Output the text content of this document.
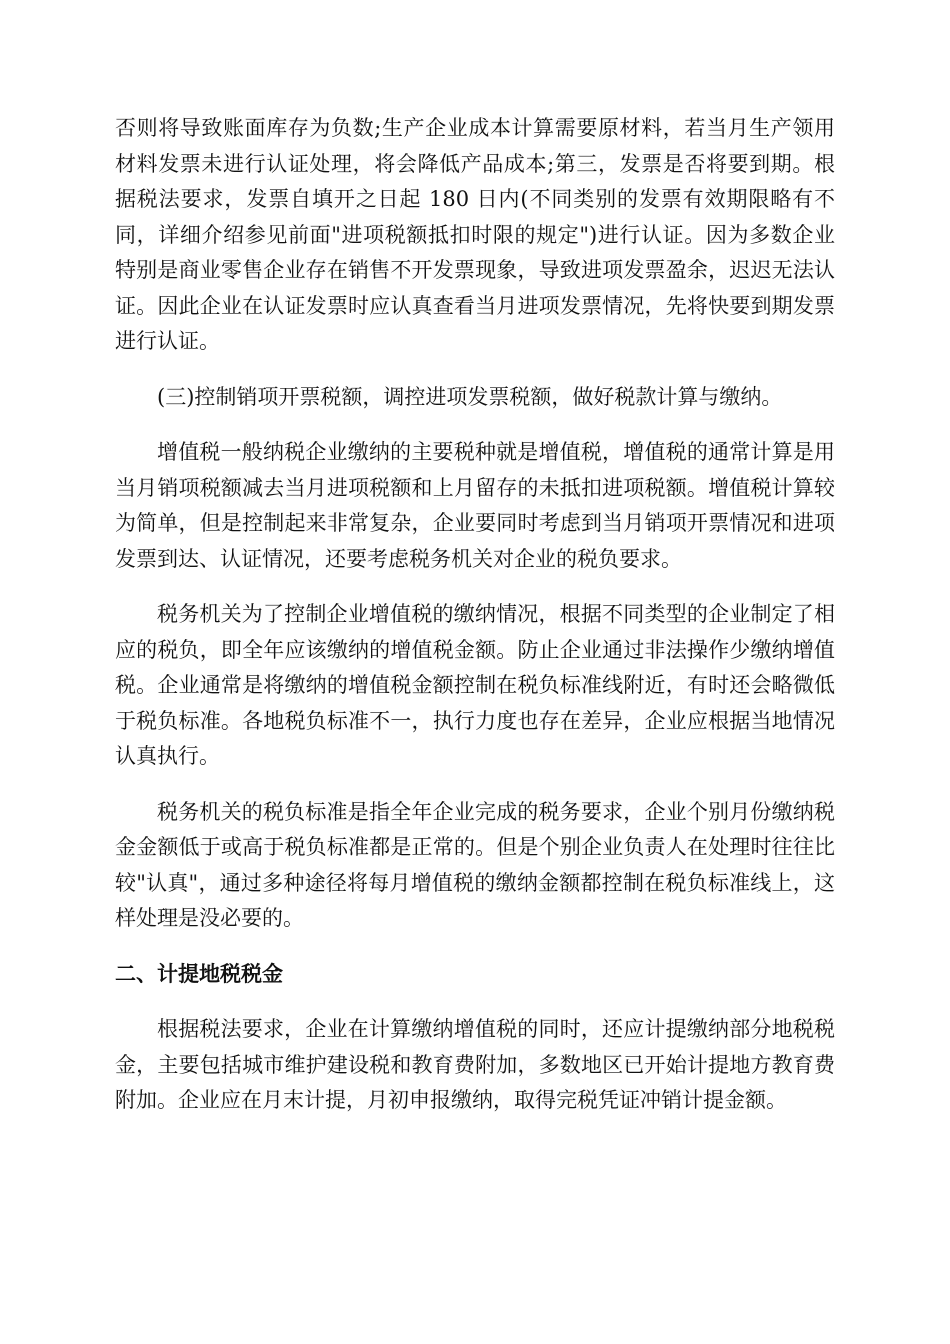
否则将导致账面库存为负数;生产企业成本计算需要原材料，若当月生产领用材料发票未进行认证处理，将会降低产品成本;第三，发票是否将要到期。根据税法要求，发票自填开之日起 180 日内(不同类别的发票有效期限略有不同，详细介绍参见前面"进项税额抵扣时限的规定")进行认证。因为多数企业特别是商业零售企业存在销售不开发票现象，导致进项发票盈余，迟迟无法认证。因此企业在认证发票时应认真查看当月进项发票情况，先将快要到期发票进行认证。

(三)控制销项开票税额，调控进项发票税额，做好税款计算与缴纳。

增值税一般纳税企业缴纳的主要税种就是增值税，增值税的通常计算是用当月销项税额减去当月进项税额和上月留存的未抵扣进项税额。增值税计算较为简单，但是控制起来非常复杂，企业要同时考虑到当月销项开票情况和进项发票到达、认证情况，还要考虑税务机关对企业的税负要求。

税务机关为了控制企业增值税的缴纳情况，根据不同类型的企业制定了相应的税负，即全年应该缴纳的增值税金额。防止企业通过非法操作少缴纳增值税。企业通常是将缴纳的增值税金额控制在税负标准线附近，有时还会略微低于税负标准。各地税负标准不一，执行力度也存在差异，企业应根据当地情况认真执行。

税务机关的税负标准是指全年企业完成的税务要求，企业个别月份缴纳税金金额低于或高于税负标准都是正常的。但是个别企业负责人在处理时往往比较"认真"，通过多种途径将每月增值税的缴纳金额都控制在税负标准线上，这样处理是没必要的。

二、计提地税税金

根据税法要求，企业在计算缴纳增值税的同时，还应计提缴纳部分地税税金，主要包括城市维护建设税和教育费附加，多数地区已开始计提地方教育费附加。企业应在月末计提，月初申报缴纳，取得完税凭证冲销计提金额。
